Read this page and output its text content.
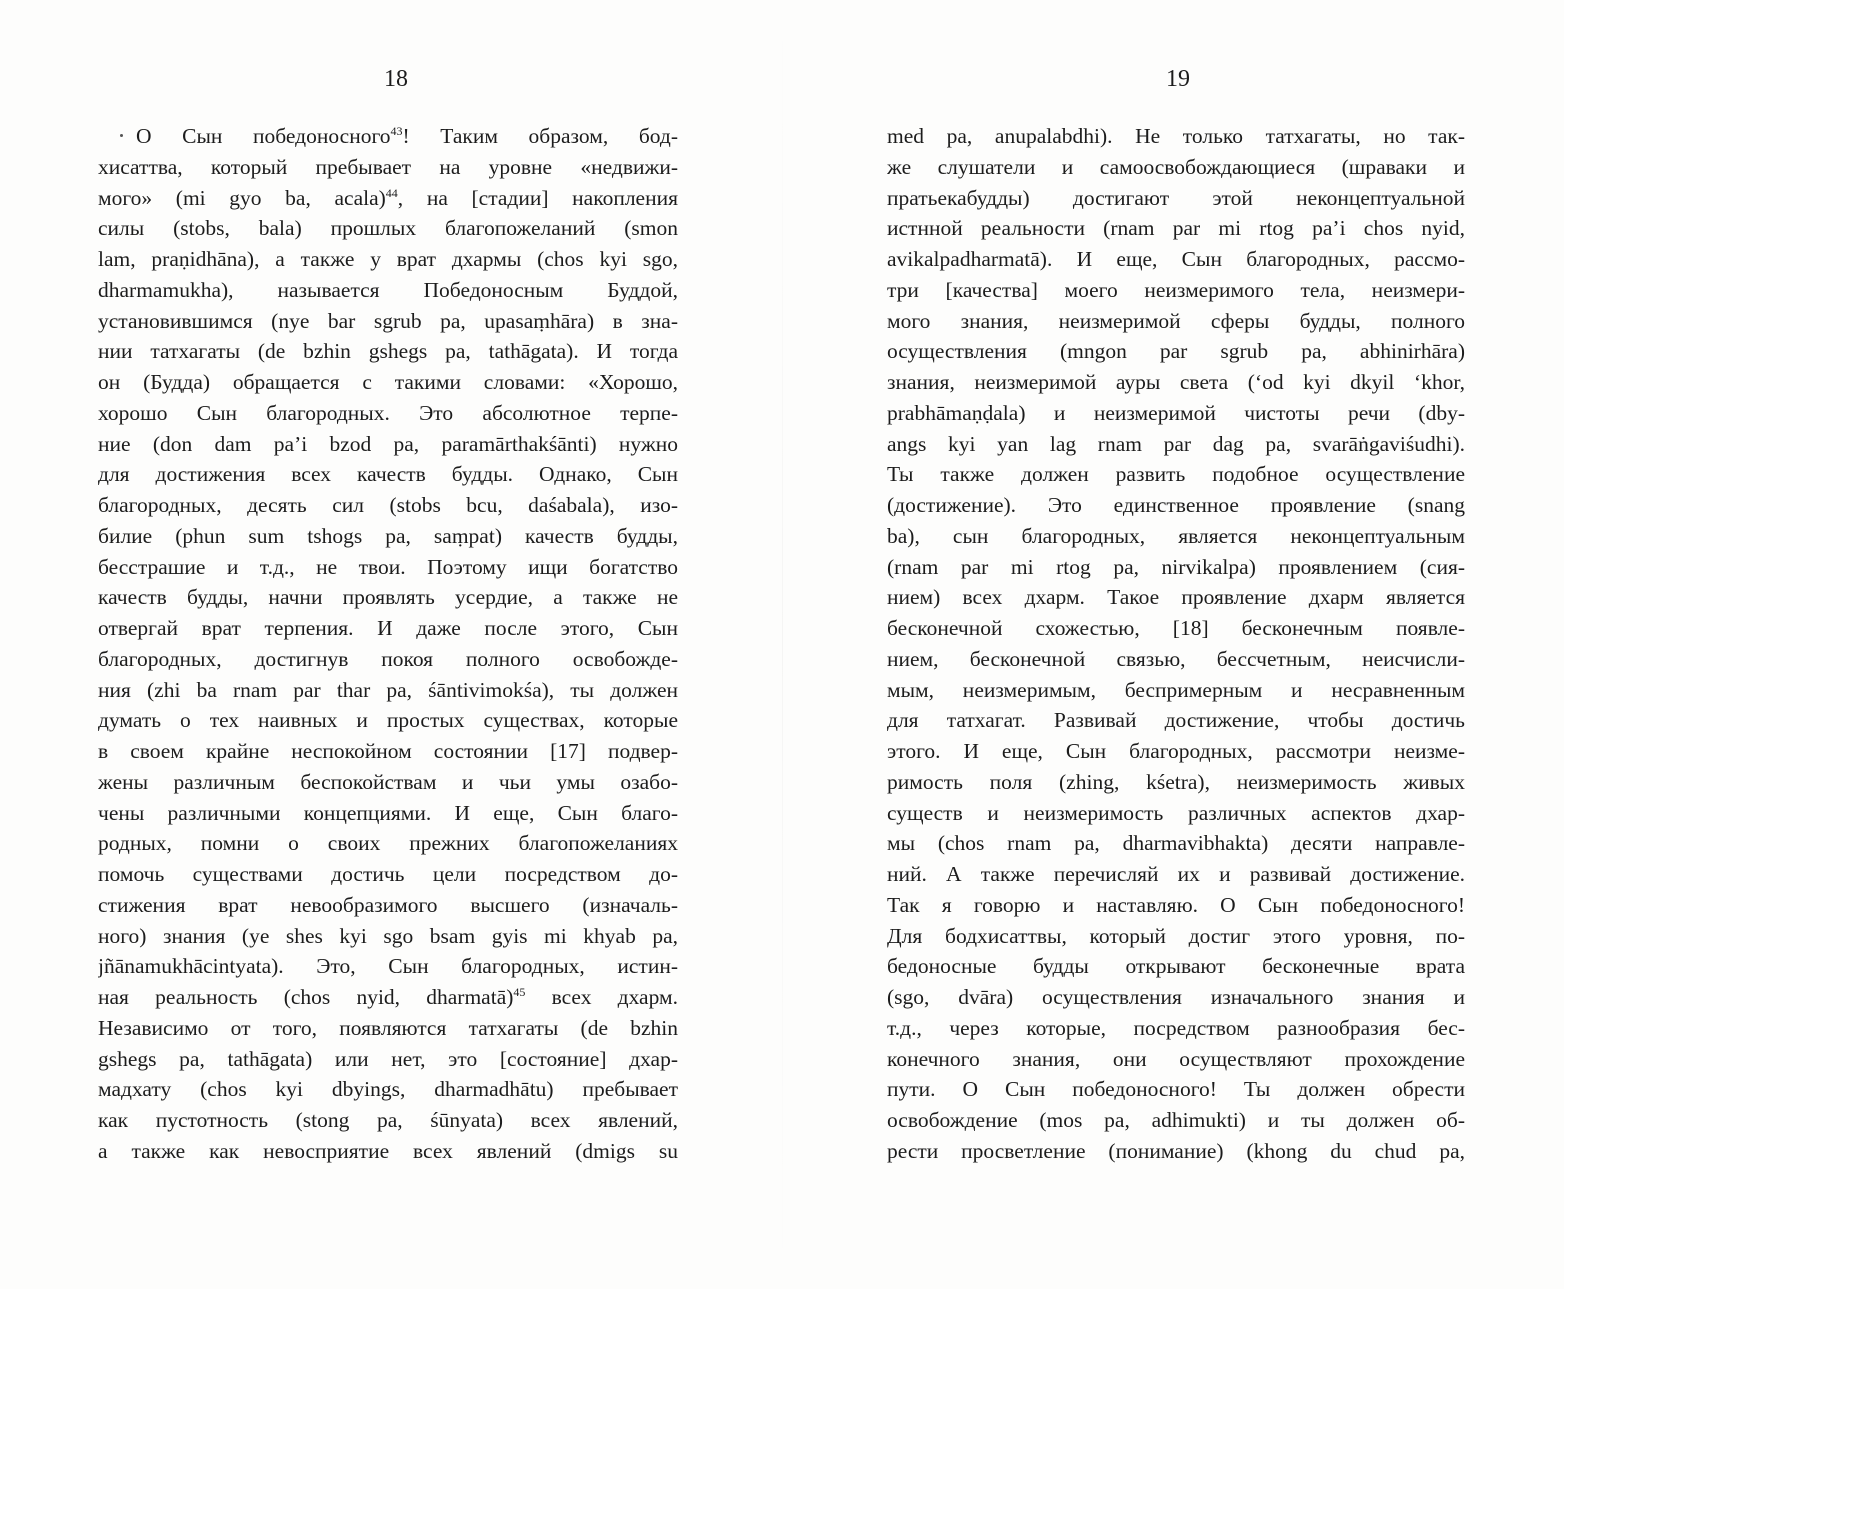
18
О Сын победоносного$^{43}$! Таким образом, бод-
хисаттва, который пребывает на уровне «недвижи-
мого» (mi gyo ba, acala)$^{44}$, на [стадии] накопления
силы (stobs, bala) прошлых благопожеланий (smon
lam, praṇidhāna), а также у врат дхармы (chos kyi sgo,
dharmamukha), называется Победоносным Буддой,
установившимся (nye bar sgrub pa, upasaṃhāra) в зна-
нии татхагаты (de bzhin gshegs pa, tathāgata). И тогда
он (Будда) обращается с такими словами: «Хорошо,
хорошо Сын благородных. Это абсолютное терпе-
ние (don dam pa’i bzod pa, paramārthakśānti) нужно
для достижения всех качеств будды. Однако, Сын
благородных, десять сил (stobs bcu, daśabala), изо-
билие (phun sum tshogs pa, saṃpat) качеств будды,
бесстрашие и т.д., не твои. Поэтому ищи богатство
качеств будды, начни проявлять усердие, а также не
отвергай врат терпения. И даже после этого, Сын
благородных, достигнув покоя полного освобожде-
ния (zhi ba rnam par thar pa, śāntivimokśa), ты должен
думать о тех наивных и простых существах, которые
в своем крайне неспокойном состоянии [17] подвер-
жены различным беспокойствам и чьи умы озабо-
чены различными концепциями. И еще, Сын благо-
родных, помни о своих прежних благопожеланиях
помочь существами достичь цели посредством до-
стижения врат невообразимого высшего (изначаль-
ного) знания (ye shes kyi sgo bsam gyis mi khyab pa,
jñānamukhācintyata). Это, Сын благородных, истин-
ная реальность (chos nyid, dharmatā)$^{45}$ всех дхарм.
Независимо от того, появляются татхагаты (de bzhin
gshegs pa, tathāgata) или нет, это [состояние] дхар-
мадхату (chos kyi dbyings, dharmadhātu) пребывает
как пустотность (stong pa, śūnyata) всех явлений,
а также как невосприятие всех явлений (dmigs su
19
med pa, anupalabdhi). Не только татхагаты, но так-
же слушатели и самоосвобождающиеся (шраваки и
пратьекабудды) достигают этой неконцептуальной
истнной реальности (rnam par mi rtog pa’i chos nyid,
avikalpadharmatā). И еще, Сын благородных, рассмо-
три [качества] моего неизмеримого тела, неизмери-
мого знания, неизмеримой сферы будды, полного
осуществления (mngon par sgrub pa, abhinirhāra)
знания, неизмеримой ауры света (‘od kyi dkyil ‘khor,
prabhāmaṇḍala) и неизмеримой чистоты речи (dby-
angs kyi yan lag rnam par dag pa, svarāṅgaviśudhi).
Ты также должен развить подобное осуществление
(достижение). Это единственное проявление (snang
ba), сын благородных, является неконцептуальным
(rnam par mi rtog pa, nirvikalpa) проявлением (сия-
нием) всех дхарм. Такое проявление дхарм является
бесконечной схожестью, [18] бесконечным появле-
нием, бесконечной связью, бессчетным, неисчисли-
мым, неизмеримым, беспримерным и несравненным
для татхагат. Развивай достижение, чтобы достичь
этого. И еще, Сын благородных, рассмотри неизме-
римость поля (zhing, kśetra), неизмеримость живых
существ и неизмеримость различных аспектов дхар-
мы (chos rnam pa, dharmavibhakta) десяти направле-
ний. А также перечисляй их и развивай достижение.
Так я говорю и наставляю. О Сын победоносного!
Для бодхисаттвы, который достиг этого уровня, по-
бедоносные будды открывают бесконечные врата
(sgo, dvāra) осуществления изначального знания и
т.д., через которые, посредством разнообразия бес-
конечного знания, они осуществляют прохождение
пути. О Сын победоносного! Ты должен обрести
освобождение (mos pa, adhimukti) и ты должен об-
рести просветление (понимание) (khong du chud pa,
